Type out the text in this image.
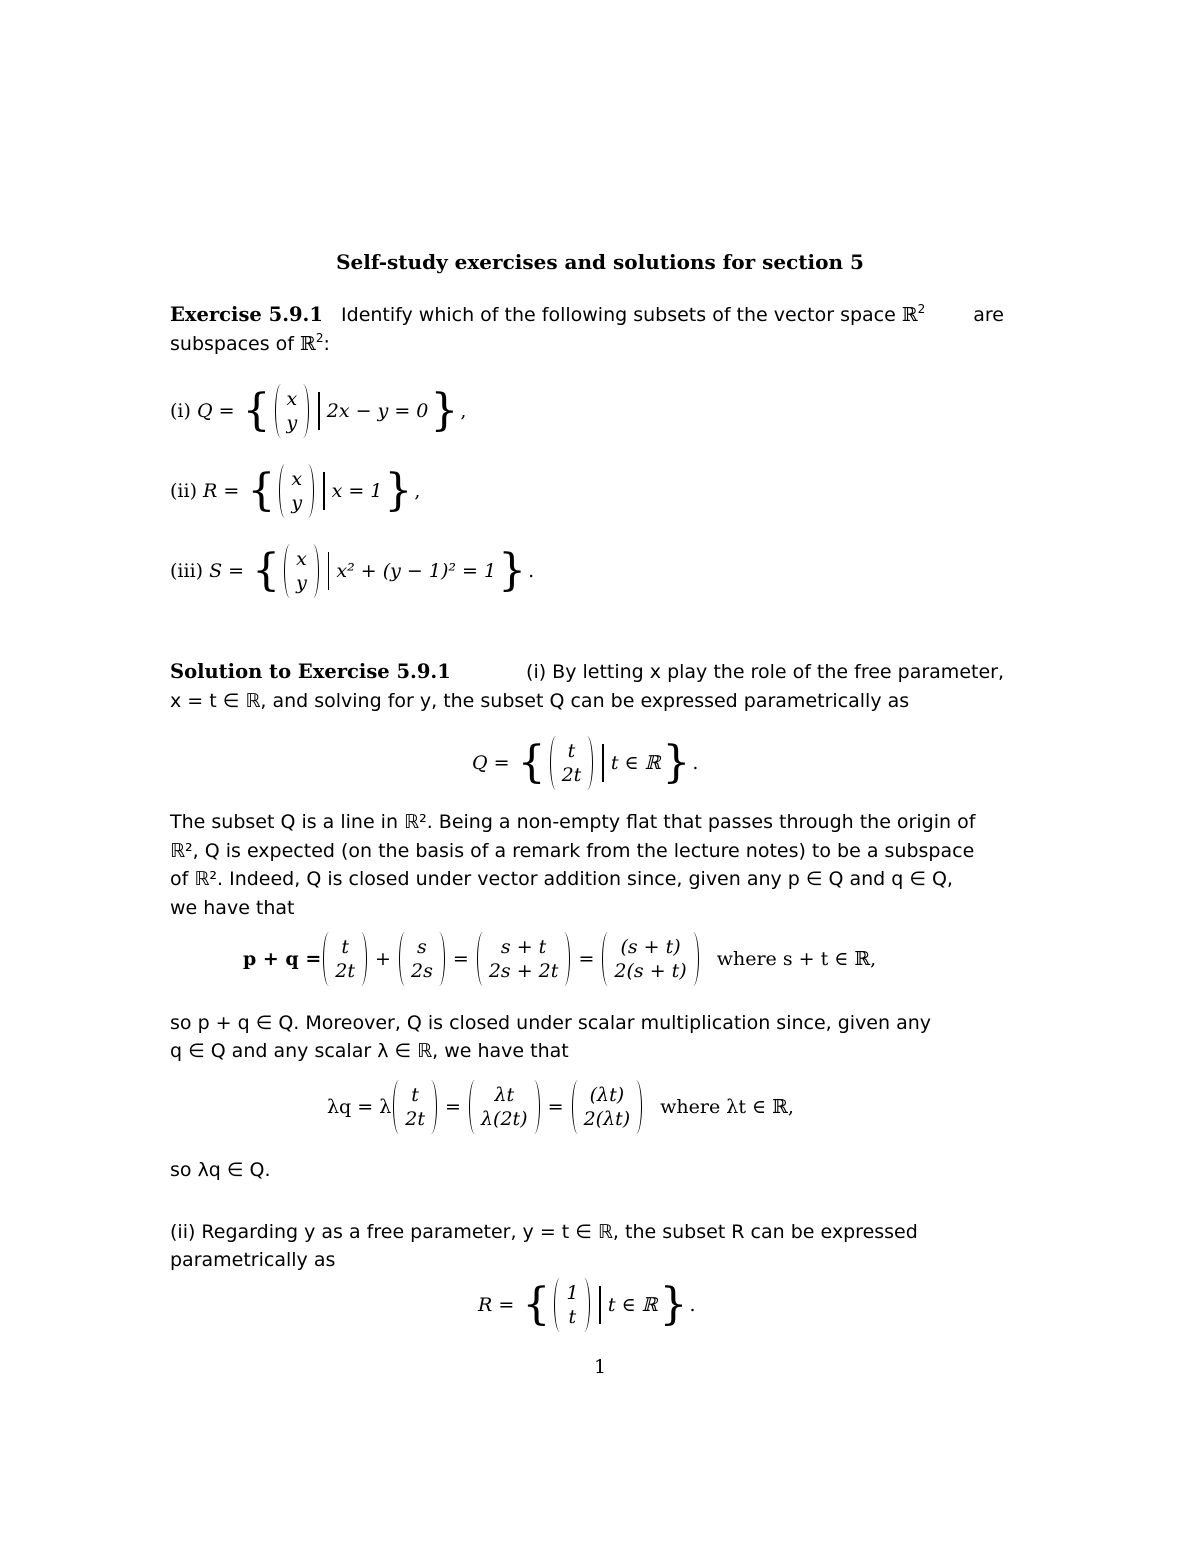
Self-study exercises and solutions for section 5
Exercise 5.9.1 Identify which of the following subsets of the vector space ℝ$^2$	are
subspaces of ℝ$^2$:
(i)
Q = { x
y
2x − y = 0 } ,
(ii)
R = { x
y
x = 1 } ,
(iii)
S = { x
y
x² + (y − 1)² = 1 } .
Solution to Exercise 5.9.1	(i) By letting x play the role of the free parameter,
x = t ∈ ℝ, and solving for y, the subset Q can be expressed parametrically as
Q =
{ t
2t
t ∈ ℝ } .
The subset Q is a line in ℝ². Being a non-empty flat that passes through the origin of
ℝ², Q is expected (on the basis of a remark from the lecture notes) to be a subspace
of ℝ². Indeed, Q is closed under vector addition since, given any p ∈ Q and q ∈ Q,
we have that
p + q =
t
2t
+
s
2s
=
s + t
2s + 2t
=
(s + t)
2(s + t)
where s + t ∈ ℝ,
so p + q ∈ Q. Moreover, Q is closed under scalar multiplication since, given any
q ∈ Q and any scalar λ ∈ ℝ, we have that
λq = λ
t
2t
=
λt
λ(2t)
=
(λt)
2(λt)
where λt ∈ ℝ,
so λq ∈ Q.
(ii) Regarding y as a free parameter, y = t ∈ ℝ, the subset R can be expressed
parametrically as
R =
{ 1
t
t ∈ ℝ } .
1
